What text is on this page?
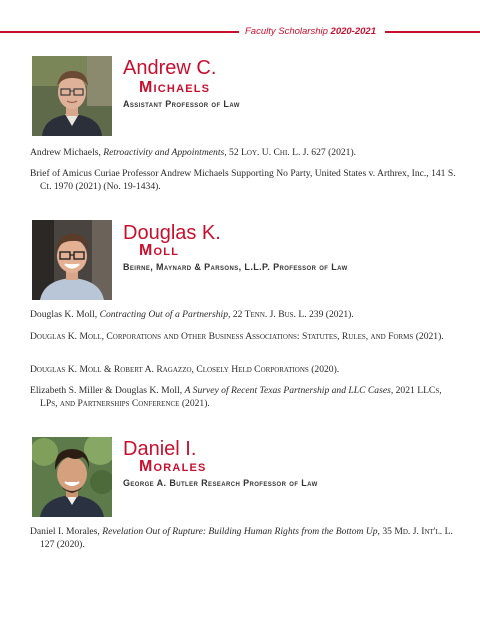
Faculty Scholarship 2020-2021
Andrew C.
Michaels
Assistant Professor of Law
Andrew Michaels, Retroactivity and Appointments, 52 Loy. U. Chi. L. J. 627 (2021).
Brief of Amicus Curiae Professor Andrew Michaels Supporting No Party, United States v. Arthrex, Inc., 141 S. Ct. 1970 (2021) (No. 19-1434).
Douglas K.
Moll
Beirne, Maynard & Parsons, L.L.P. Professor of Law
Douglas K. Moll, Contracting Out of a Partnership, 22 Tenn. J. Bus. L. 239 (2021).
Douglas K. Moll, Corporations and Other Business Associations: Statutes, Rules, and Forms (2021).
Douglas K. Moll & Robert A. Ragazzo, Closely Held Corporations (2020).
Elizabeth S. Miller & Douglas K. Moll, A Survey of Recent Texas Partnership and LLC Cases, 2021 LLCs, LPs, and Partnerships Conference (2021).
Daniel I.
Morales
George A. Butler Research Professor of Law
Daniel I. Morales, Revelation Out of Rupture: Building Human Rights from the Bottom Up, 35 Md. J. Int'l. L. 127 (2020).
